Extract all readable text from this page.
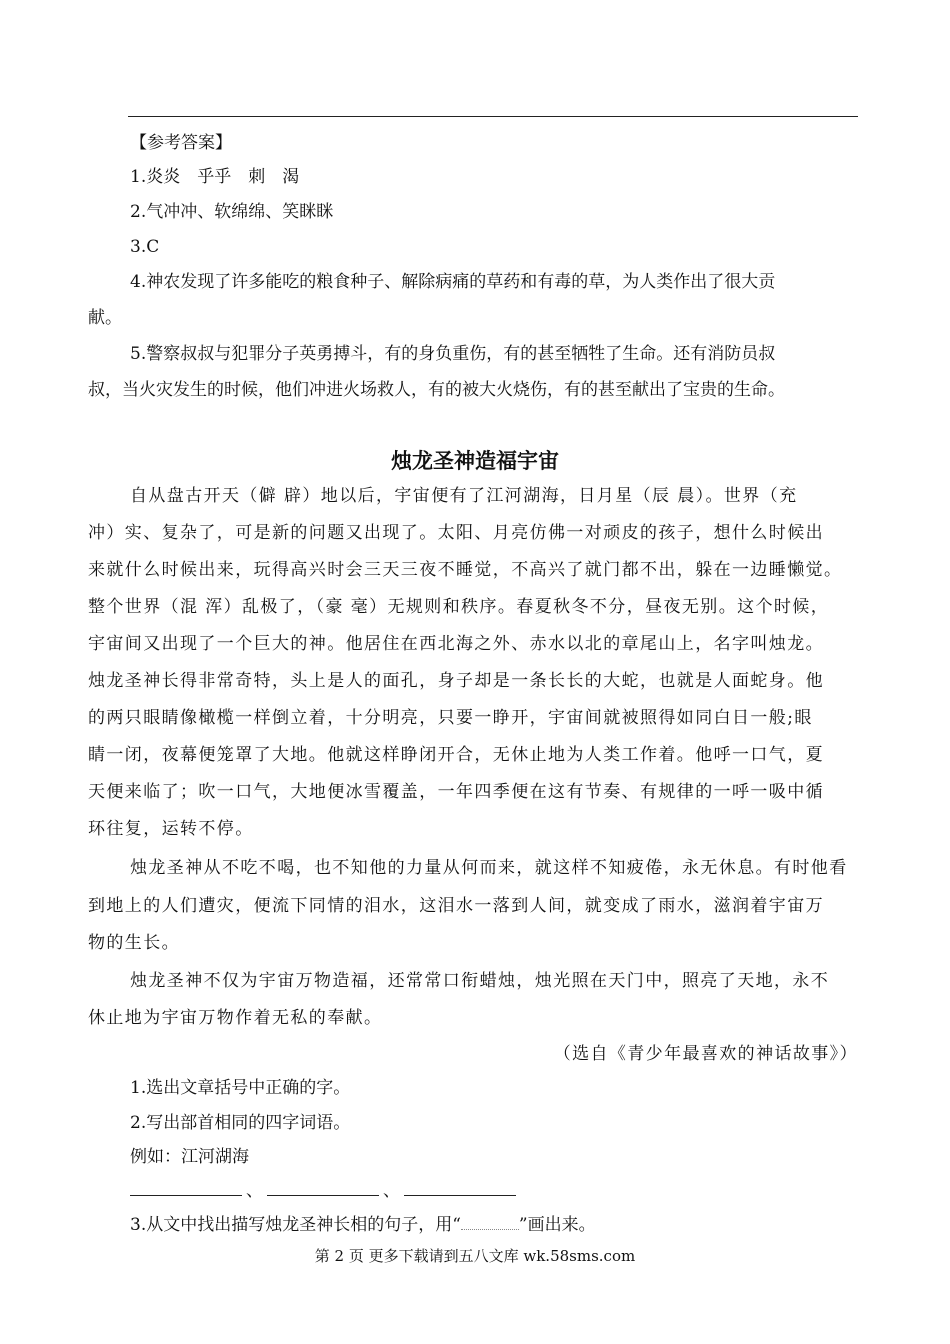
【参考答案】
1.炎炎　乎乎　刺　渴
2.气冲冲、软绵绵、笑眯眯
3.C
4.神农发现了许多能吃的粮食种子、解除病痛的草药和有毒的草，为人类作出了很大贡
献。
5.警察叔叔与犯罪分子英勇搏斗，有的身负重伤，有的甚至牺牲了生命。还有消防员叔
叔，当火灾发生的时候，他们冲进火场救人，有的被大火烧伤，有的甚至献出了宝贵的生命。
烛龙圣神造福宇宙
自从盘古开天（僻 辟）地以后，宇宙便有了江河湖海，日月星（辰 晨）。世界（充
冲）实、复杂了，可是新的问题又出现了。太阳、月亮仿佛一对顽皮的孩子，想什么时候出
来就什么时候出来，玩得高兴时会三天三夜不睡觉，不高兴了就门都不出，躲在一边睡懒觉。
整个世界（混 浑）乱极了，（豪 毫）无规则和秩序。春夏秋冬不分，昼夜无别。这个时候，
宇宙间又出现了一个巨大的神。他居住在西北海之外、赤水以北的章尾山上，名字叫烛龙。
烛龙圣神长得非常奇特，头上是人的面孔，身子却是一条长长的大蛇，也就是人面蛇身。他
的两只眼睛像橄榄一样倒立着，十分明亮，只要一睁开，宇宙间就被照得如同白日一般;眼
睛一闭，夜幕便笼罩了大地。他就这样睁闭开合，无休止地为人类工作着。他呼一口气，夏
天便来临了；吹一口气，大地便冰雪覆盖，一年四季便在这有节奏、有规律的一呼一吸中循
环往复，运转不停。
烛龙圣神从不吃不喝，也不知他的力量从何而来，就这样不知疲倦，永无休息。有时他看
到地上的人们遭灾，便流下同情的泪水，这泪水一落到人间，就变成了雨水，滋润着宇宙万
物的生长。
烛龙圣神不仅为宇宙万物造福，还常常口衔蜡烛，烛光照在天门中，照亮了天地，永不
休止地为宇宙万物作着无私的奉献。
（选自《青少年最喜欢的神话故事》）
1.选出文章括号中正确的字。
2.写出部首相同的四字词语。
例如：江河湖海
、	、
3.从文中找出描写烛龙圣神长相的句子，用“	”画出来。
第 2 页 更多下载请到五八文库 wk.58sms.com
